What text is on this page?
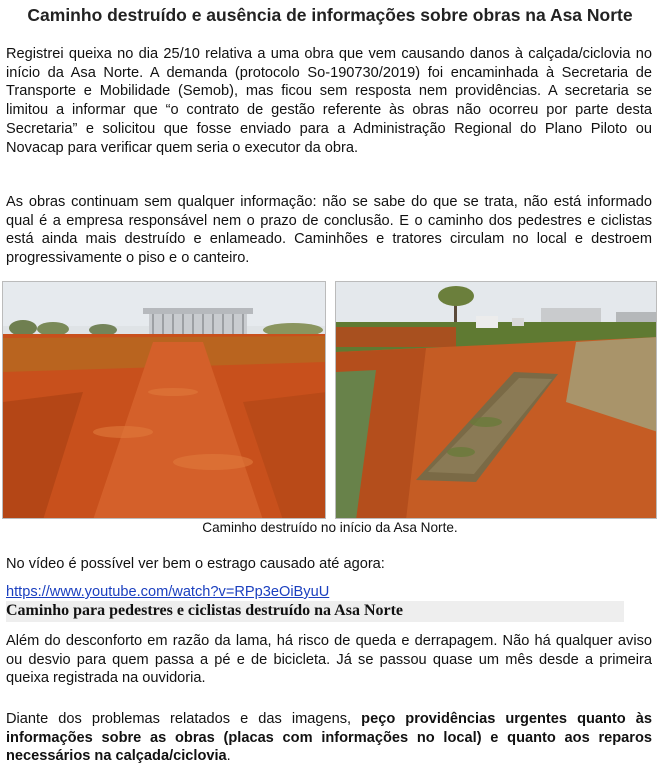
Caminho destruído e ausência de informações sobre obras na Asa Norte

Registrei queixa no dia 25/10 relativa a uma obra que vem causando danos à calçada/ciclovia no início da Asa Norte. A demanda (protocolo So-190730/2019) foi encaminhada à Secretaria de Transporte e Mobilidade (Semob), mas ficou sem resposta nem providências. A secretaria se limitou a informar que “o contrato de gestão referente às obras não ocorreu por parte desta Secretaria” e solicitou que fosse enviado para a Administração Regional do Plano Piloto ou Novacap para verificar quem seria o executor da obra.

As obras continuam sem qualquer informação: não se sabe do que se trata, não está informado qual é a empresa responsável nem o prazo de conclusão. E o caminho dos pedestres e ciclistas está ainda mais destruído e enlameado. Caminhões e tratores circulam no local e destroem progressivamente o piso e o canteiro.

Caminho destruído no início da Asa Norte.
No vídeo é possível ver bem o estrago causado até agora:
https://www.youtube.com/watch?v=RPp3eOiByuU
Caminho para pedestres e ciclistas destruído na Asa Norte

Além do desconforto em razão da lama, há risco de queda e derrapagem. Não há qualquer aviso ou desvio para quem passa a pé e de bicicleta. Já se passou quase um mês desde a primeira queixa registrada na ouvidoria.

Diante dos problemas relatados e das imagens, peço providências urgentes quanto às informações sobre as obras (placas com informações no local) e quanto aos reparos necessários na calçada/ciclovia.
